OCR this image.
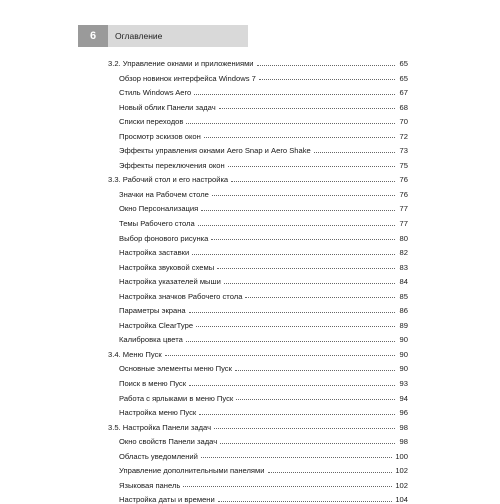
6	Оглавление
3.2. Управление окнами и приложениями	65
Обзор новинок интерфейса Windows 7	65
Стиль Windows Aero	67
Новый облик Панели задач	68
Списки переходов	70
Просмотр эскизов окон	72
Эффекты управления окнами Aero Snap и Aero Shake	73
Эффекты переключения окон	75
3.3. Рабочий стол и его настройка	76
Значки на Рабочем столе	76
Окно Персонализация	77
Темы Рабочего стола	77
Выбор фонового рисунка	80
Настройка заставки	82
Настройка звуковой схемы	83
Настройка указателей мыши	84
Настройка значков Рабочего стола	85
Параметры экрана	86
Настройка ClearType	89
Калибровка цвета	90
3.4. Меню Пуск	90
Основные элементы меню Пуск	90
Поиск в меню Пуск	93
Работа с ярлыками в меню Пуск	94
Настройка меню Пуск	96
3.5. Настройка Панели задач	98
Окно свойств Панели задач	98
Область уведомлений	100
Управление дополнительными панелями	102
Языковая панель	102
Настройка даты и времени	104
